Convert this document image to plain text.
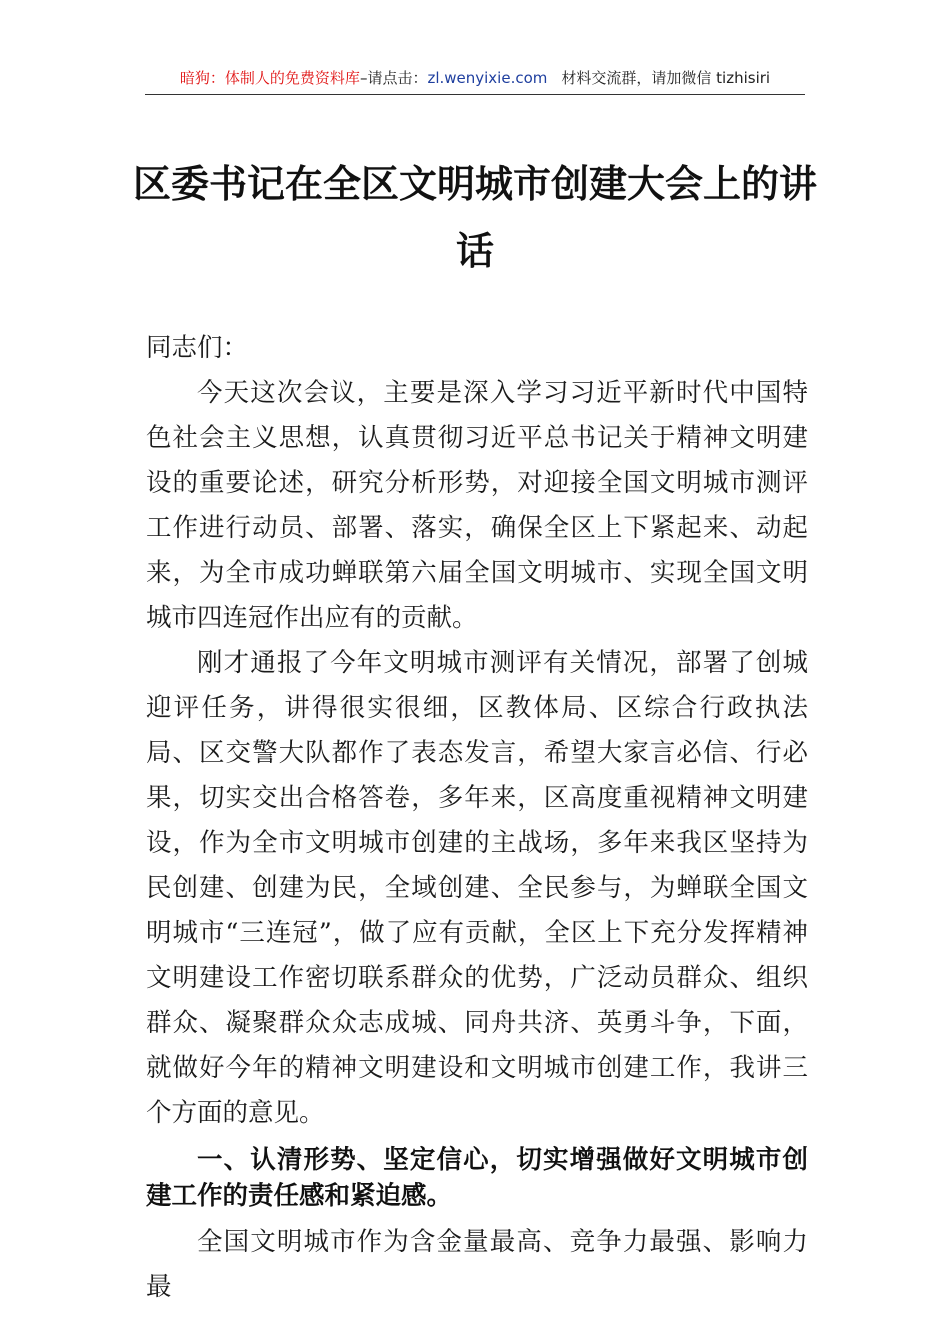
暗狗：体制人的免费资料库–请点击：zl.wenyixie.com 材料交流群，请加微信 tizhisiri
区委书记在全区文明城市创建大会上的讲话

同志们：

今天这次会议，主要是深入学习习近平新时代中国特色社会主义思想，认真贯彻习近平总书记关于精神文明建设的重要论述，研究分析形势，对迎接全国文明城市测评工作进行动员、部署、落实，确保全区上下紧起来、动起来，为全市成功蝉联第六届全国文明城市、实现全国文明城市四连冠作出应有的贡献。

刚才通报了今年文明城市测评有关情况，部署了创城迎评任务，讲得很实很细，区教体局、区综合行政执法局、区交警大队都作了表态发言，希望大家言必信、行必果，切实交出合格答卷，多年来，区高度重视精神文明建设，作为全市文明城市创建的主战场，多年来我区坚持为民创建、创建为民，全域创建、全民参与，为蝉联全国文明城市“三连冠”，做了应有贡献，全区上下充分发挥精神文明建设工作密切联系群众的优势，广泛动员群众、组织群众、凝聚群众众志成城、同舟共济、英勇斗争，下面，就做好今年的精神文明建设和文明城市创建工作，我讲三个方面的意见。

一、认清形势、坚定信心，切实增强做好文明城市创建工作的责任感和紧迫感。

全国文明城市作为含金量最高、竞争力最强、影响力最
